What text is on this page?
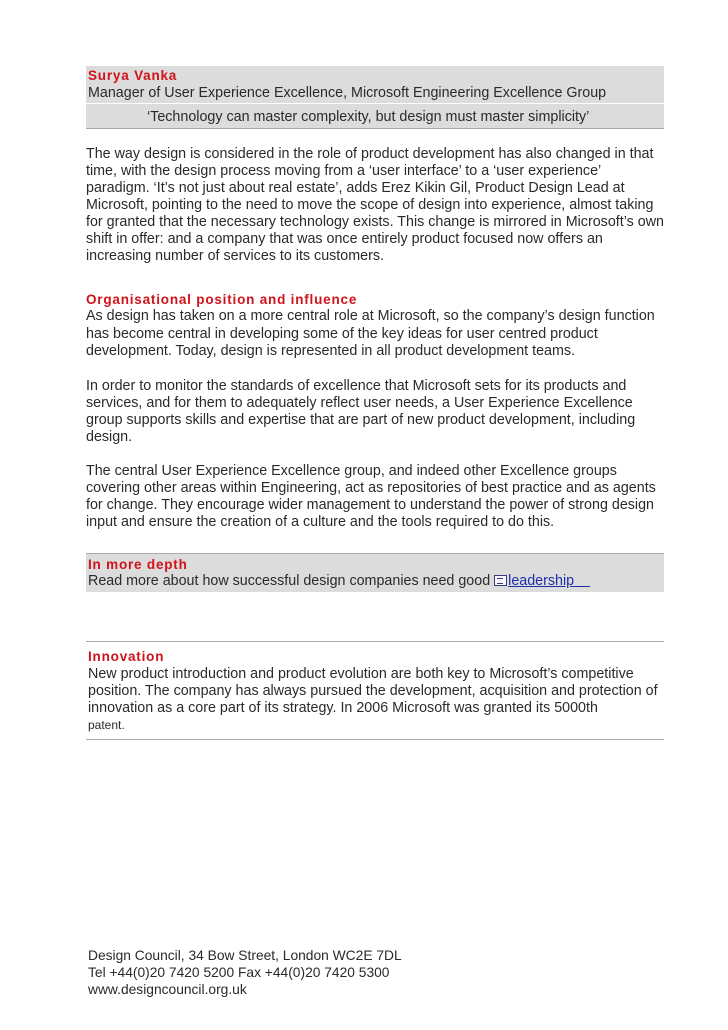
Surya Vanka
Manager of User Experience Excellence, Microsoft Engineering Excellence Group
‘Technology can master complexity, but design must master simplicity’

The way design is considered in the role of product development has also changed in that time, with the design process moving from a ‘user interface’ to a ‘user experience’ paradigm. ‘It’s not just about real estate’, adds Erez Kikin Gil, Product Design Lead at Microsoft, pointing to the need to move the scope of design into experience, almost taking for granted that the necessary technology exists. This change is mirrored in Microsoft’s own shift in offer: and a company that was once entirely product focused now offers an increasing number of services to its customers.

Organisational position and influence

As design has taken on a more central role at Microsoft, so the company’s design function has become central in developing some of the key ideas for user centred product development. Today, design is represented in all product development teams.

In order to monitor the standards of excellence that Microsoft sets for its products and services, and for them to adequately reflect user needs, a User Experience Excellence group supports skills and expertise that are part of new product development, including design.

The central User Experience Excellence group, and indeed other Excellence groups covering other areas within Engineering, act as repositories of best practice and as agents for change. They encourage wider management to understand the power of strong design input and ensure the creation of a culture and the tools required to do this.

In more depth
Read more about how successful design companies need good leadership
Innovation

New product introduction and product evolution are both key to Microsoft’s competitive position. The company has always pursued the development, acquisition and protection of innovation as a core part of its strategy. In 2006 Microsoft was granted its 5000th

patent.
Design Council, 34 Bow Street, London WC2E 7DL
Tel +44(0)20 7420 5200 Fax +44(0)20 7420 5300
www.designcouncil.org.uk
